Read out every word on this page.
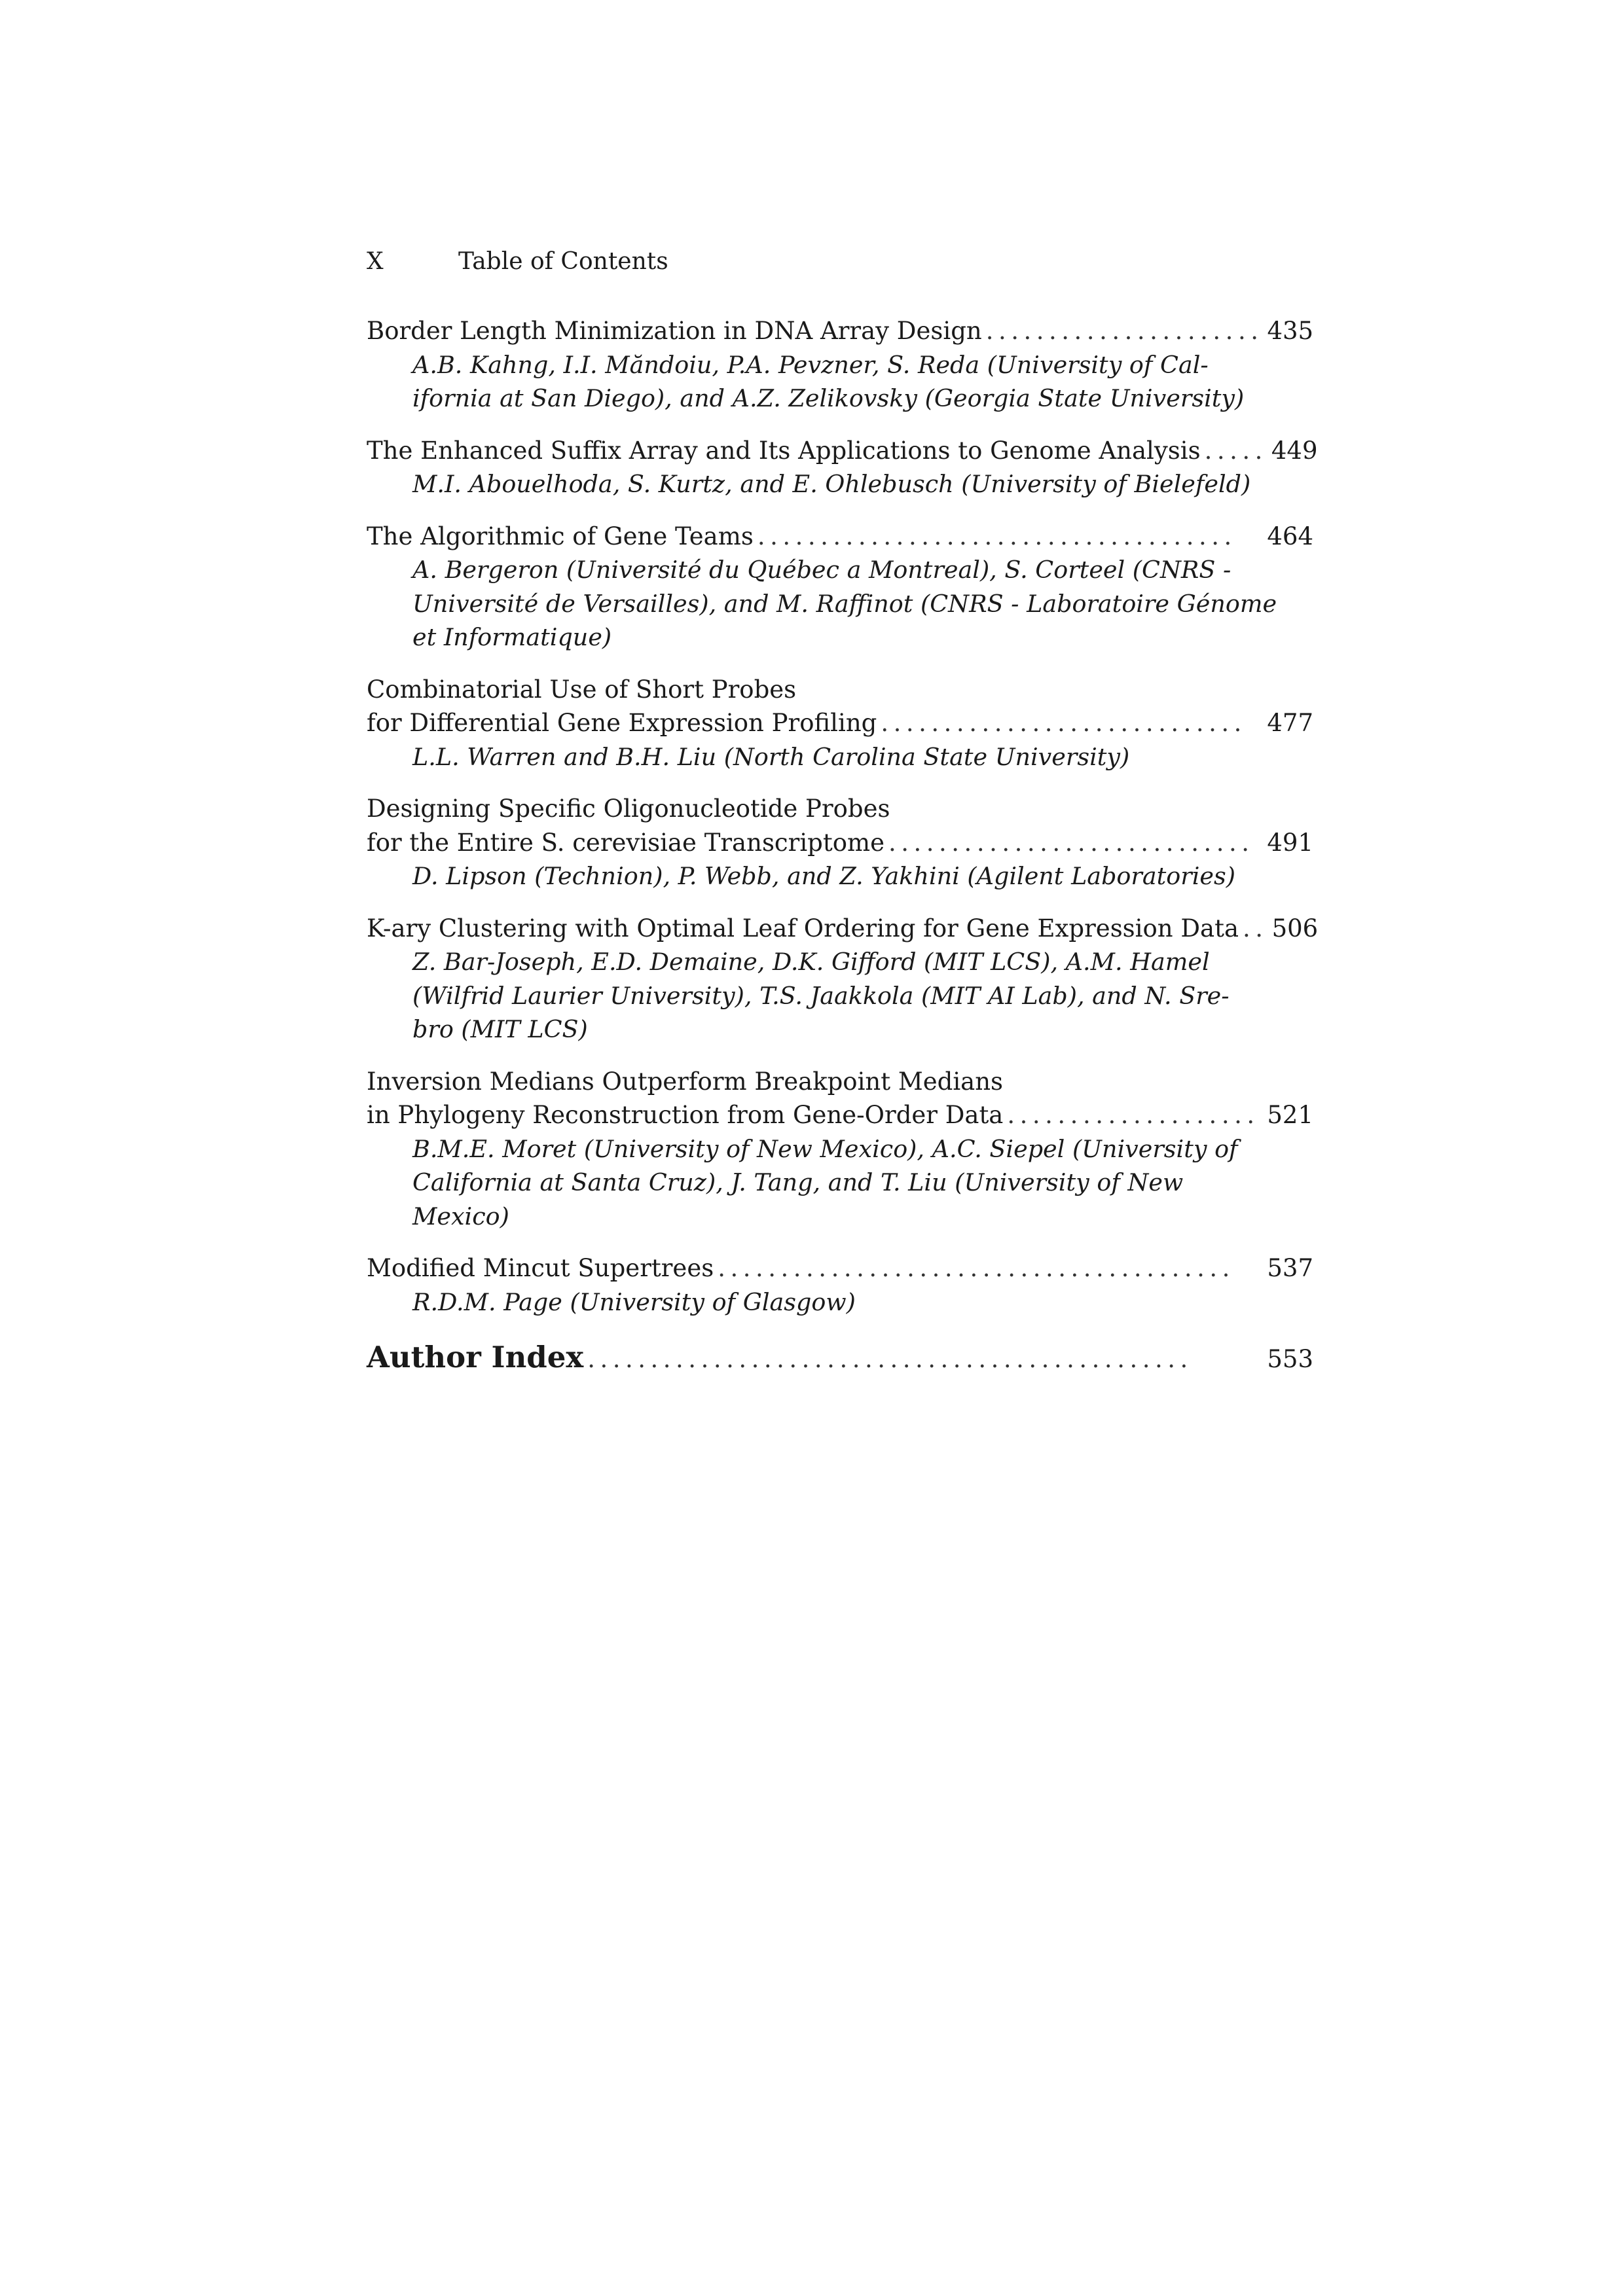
X	Table of Contents
Border Length Minimization in DNA Array Design ...................... 435
A.B. Kahng, I.I. Măndoiu, P.A. Pevzner, S. Reda (University of Cal-
ifornia at San Diego), and A.Z. Zelikovsky (Georgia State University)
The Enhanced Suffix Array and Its Applications to Genome Analysis ..... 449
M.I. Abouelhoda, S. Kurtz, and E. Ohlebusch (University of Bielefeld)
The Algorithmic of Gene Teams ......................................	464
A. Bergeron (Université du Québec a Montreal), S. Corteel (CNRS -
Université de Versailles), and M. Raffinot (CNRS - Laboratoire Génome
et Informatique)
Combinatorial Use of Short Probes
for Differential Gene Expression Profiling ............................. 477
L.L. Warren and B.H. Liu (North Carolina State University)
Designing Specific Oligonucleotide Probes
for the Entire S. cerevisiae Transcriptome ............................. 491
D. Lipson (Technion), P. Webb, and Z. Yakhini (Agilent Laboratories)
K-ary Clustering with Optimal Leaf Ordering for Gene Expression Data .. 506
Z. Bar-Joseph, E.D. Demaine, D.K. Gifford (MIT LCS), A.M. Hamel
(Wilfrid Laurier University), T.S. Jaakkola (MIT AI Lab), and N. Sre-
bro (MIT LCS)
Inversion Medians Outperform Breakpoint Medians
in Phylogeny Reconstruction from Gene-Order Data .................... 521
B.M.E. Moret (University of New Mexico), A.C. Siepel (University of
California at Santa Cruz), J. Tang, and T. Liu (University of New
Mexico)
Modified Mincut Supertrees .........................................	537
R.D.M. Page (University of Glasgow)
Author Index ................................................	553
